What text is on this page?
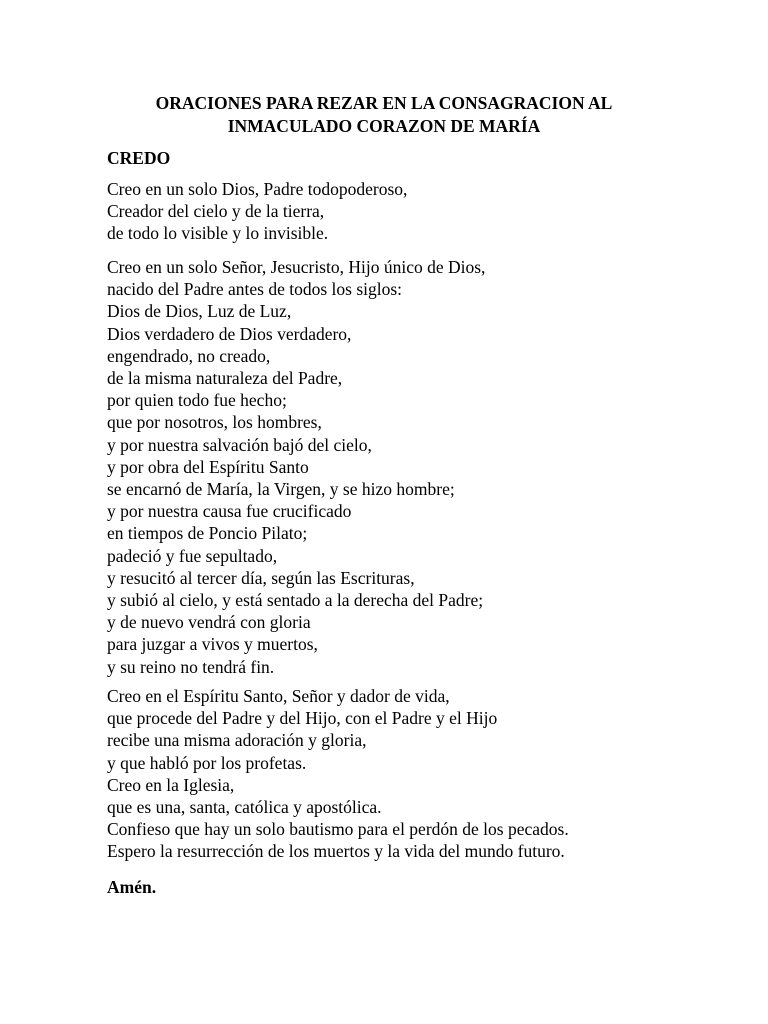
ORACIONES PARA REZAR EN LA CONSAGRACION AL
INMACULADO CORAZON DE MARÍA
CREDO

Creo en un solo Dios, Padre todopoderoso,
Creador del cielo y de la tierra,
de todo lo visible y lo invisible.

Creo en un solo Señor, Jesucristo, Hijo único de Dios,
nacido del Padre antes de todos los siglos:
Dios de Dios, Luz de Luz,
Dios verdadero de Dios verdadero,
engendrado, no creado,
de la misma naturaleza del Padre,
por quien todo fue hecho;
que por nosotros, los hombres,
y por nuestra salvación bajó del cielo,
y por obra del Espíritu Santo
se encarnó de María, la Virgen, y se hizo hombre;
y por nuestra causa fue crucificado
en tiempos de Poncio Pilato;
padeció y fue sepultado,
y resucitó al tercer día, según las Escrituras,
y subió al cielo, y está sentado a la derecha del Padre;
y de nuevo vendrá con gloria
para juzgar a vivos y muertos,
y su reino no tendrá fin.

Creo en el Espíritu Santo, Señor y dador de vida,
que procede del Padre y del Hijo, con el Padre y el Hijo
recibe una misma adoración y gloria,
y que habló por los profetas.
Creo en la Iglesia,
que es una, santa, católica y apostólica.
Confieso que hay un solo bautismo para el perdón de los pecados.
Espero la resurrección de los muertos y la vida del mundo futuro.

Amén.
